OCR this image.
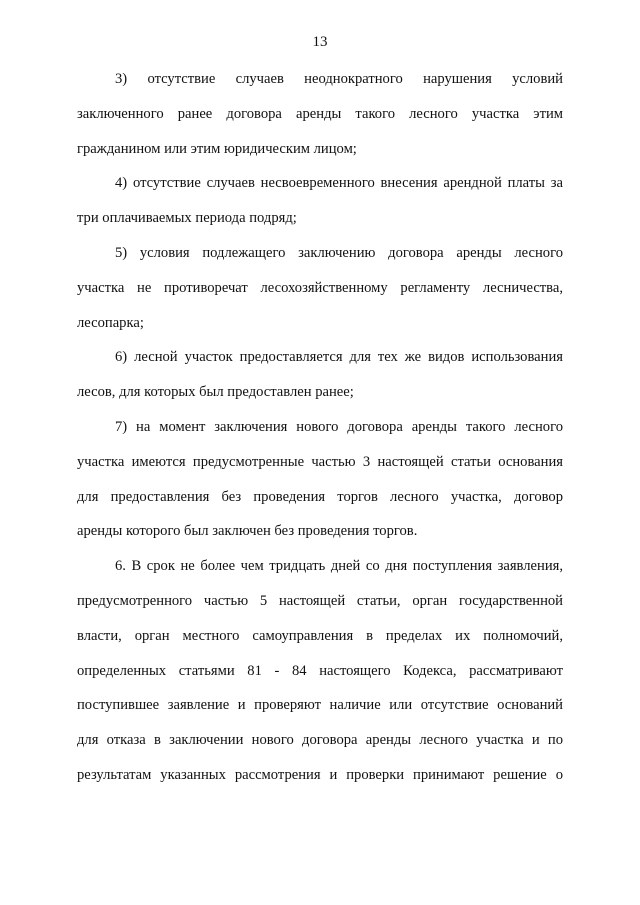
13
3) отсутствие случаев неоднократного нарушения условий
заключенного ранее договора аренды такого лесного участка этим
гражданином или этим юридическим лицом;
4) отсутствие случаев несвоевременного внесения арендной платы за
три оплачиваемых периода подряд;
5) условия подлежащего заключению договора аренды лесного
участка не противоречат лесохозяйственному регламенту лесничества,
лесопарка;
6) лесной участок предоставляется для тех же видов использования
лесов, для которых был предоставлен ранее;
7) на момент заключения нового договора аренды такого лесного
участка имеются предусмотренные частью 3 настоящей статьи основания
для предоставления без проведения торгов лесного участка, договор
аренды которого был заключен без проведения торгов.
6. В срок не более чем тридцать дней со дня поступления заявления,
предусмотренного частью 5 настоящей статьи, орган государственной
власти, орган местного самоуправления в пределах их полномочий,
определенных статьями 81 - 84 настоящего Кодекса, рассматривают
поступившее заявление и проверяют наличие или отсутствие оснований
для отказа в заключении нового договора аренды лесного участка и по
результатам указанных рассмотрения и проверки принимают решение о
